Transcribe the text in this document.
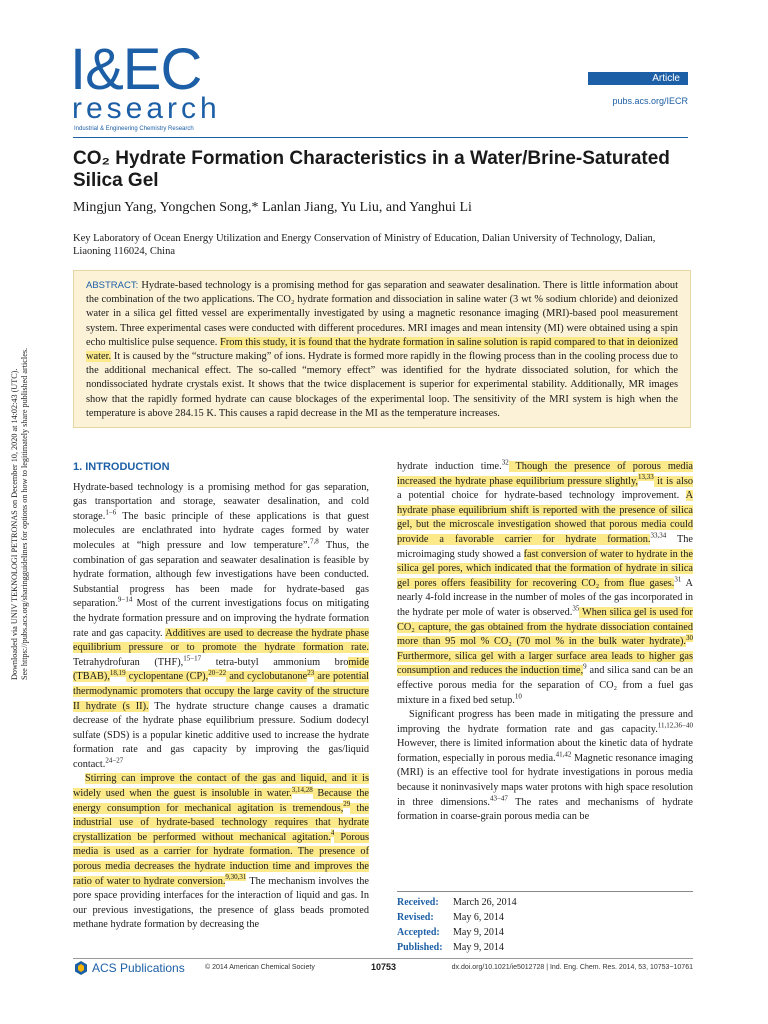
I&EC
research
Industrial & Engineering Chemistry Research
Article
pubs.acs.org/IECR
CO₂ Hydrate Formation Characteristics in a Water/Brine-Saturated Silica Gel
Mingjun Yang, Yongchen Song,* Lanlan Jiang, Yu Liu, and Yanghui Li
Key Laboratory of Ocean Energy Utilization and Energy Conservation of Ministry of Education, Dalian University of Technology, Dalian, Liaoning 116024, China
ABSTRACT: Hydrate-based technology is a promising method for gas separation and seawater desalination. There is little information about the combination of the two applications. The CO₂ hydrate formation and dissociation in saline water (3 wt % sodium chloride) and deionized water in a silica gel fitted vessel are experimentally investigated by using a magnetic resonance imaging (MRI)-based pool measurement system. Three experimental cases were conducted with different procedures. MRI images and mean intensity (MI) were obtained using a spin echo multislice pulse sequence. From this study, it is found that the hydrate formation in saline solution is rapid compared to that in deionized water. It is caused by the “structure making” of ions. Hydrate is formed more rapidly in the flowing process than in the cooling process due to the additional mechanical effect. The so-called “memory effect” was identified for the hydrate dissociated solution, for which the nondissociated hydrate crystals exist. It shows that the twice displacement is superior for experimental stability. Additionally, MR images show that the rapidly formed hydrate can cause blockages of the experimental loop. The sensitivity of the MRI system is high when the temperature is above 284.15 K. This causes a rapid decrease in the MI as the temperature increases.
Downloaded via UNIV TEKNOLOGI PETRONAS on December 10, 2020 at 14:02:43 (UTC). See https://pubs.acs.org/sharingguidelines for options on how to legitimately share published articles.	1. INTRODUCTION

Hydrate-based technology is a promising method for gas separation, gas transportation and storage, seawater desalination, and cold storage.$^{1-6}$ The basic principle of these applications is that guest molecules are enclathrated into hydrate cages formed by water molecules at “high pressure and low temperature”.$^{7,8}$ Thus, the combination of gas separation and seawater desalination is feasible by hydrate formation, although few investigations have been conducted. Substantial progress has been made for hydrate-based gas separation.$^{9-14}$ Most of the current investigations focus on mitigating the hydrate formation pressure and on improving the hydrate formation rate and gas capacity. Additives are used to decrease the hydrate phase equilibrium pressure or to promote the hydrate formation rate. Tetrahydrofuran (THF),$^{15-17}$ tetra-butyl ammonium bromide (TBAB),$^{18,19}$ cyclopentane (CP),$^{20-22}$ and cyclobutanone$^{23}$ are potential thermodynamic promoters that occupy the large cavity of the structure II hydrate (s II). The hydrate structure change causes a dramatic decrease of the hydrate phase equilibrium pressure. Sodium dodecyl sulfate (SDS) is a popular kinetic additive used to increase the hydrate formation rate and gas capacity by improving the gas/liquid contact.$^{24-27}$

Stirring can improve the contact of the gas and liquid, and it is widely used when the guest is insoluble in water.$^{3,14,28}$ Because the energy consumption for mechanical agitation is tremendous,$^{29}$ the industrial use of hydrate-based technology requires that hydrate crystallization be performed without mechanical agitation.$^4$ Porous media is used as a carrier for hydrate formation. The presence of porous media decreases the hydrate induction time and improves the ratio of water to hydrate conversion.$^{9,30,31}$ The mechanism involves the pore space providing interfaces for the interaction of liquid and gas. In our previous investigations, the presence of glass beads promoted methane hydrate formation by decreasing the

hydrate induction time.$^{32}$ Though the presence of porous media increased the hydrate phase equilibrium pressure slightly,$^{13,33}$ it is also a potential choice for hydrate-based technology improvement. A hydrate phase equilibrium shift is reported with the presence of silica gel, but the microscale investigation showed that porous media could provide a favorable carrier for hydrate formation.$^{33,34}$ The microimaging study showed a fast conversion of water to hydrate in the silica gel pores, which indicated that the formation of hydrate in silica gel pores offers feasibility for recovering CO₂ from flue gases.$^{31}$ A nearly 4-fold increase in the number of moles of the gas incorporated in the hydrate per mole of water is observed.$^{35}$ When silica gel is used for CO₂ capture, the gas obtained from the hydrate dissociation contained more than 95 mol % CO₂ (70 mol % in the bulk water hydrate).$^{30}$ Furthermore, silica gel with a larger surface area leads to higher gas consumption and reduces the induction time,$^9$ and silica sand can be an effective porous media for the separation of CO₂ from a fuel gas mixture in a fixed bed setup.$^{10}$

Significant progress has been made in mitigating the pressure and improving the hydrate formation rate and gas capacity.$^{11,12,36-40}$ However, there is limited information about the kinetic data of hydrate formation, especially in porous media.$^{41,42}$ Magnetic resonance imaging (MRI) is an effective tool for hydrate investigations in porous media because it noninvasively maps water protons with high space resolution in three dimensions.$^{43-47}$ The rates and mechanisms of hydrate formation in coarse-grain porous media can be

Received:	March 26, 2014
Revised:	May 6, 2014
Accepted:	May 9, 2014
Published:	May 9, 2014
ACS Publications	© 2014 American Chemical Society	10753	dx.doi.org/10.1021/ie5012728 | Ind. Eng. Chem. Res. 2014, 53, 10753−10761
